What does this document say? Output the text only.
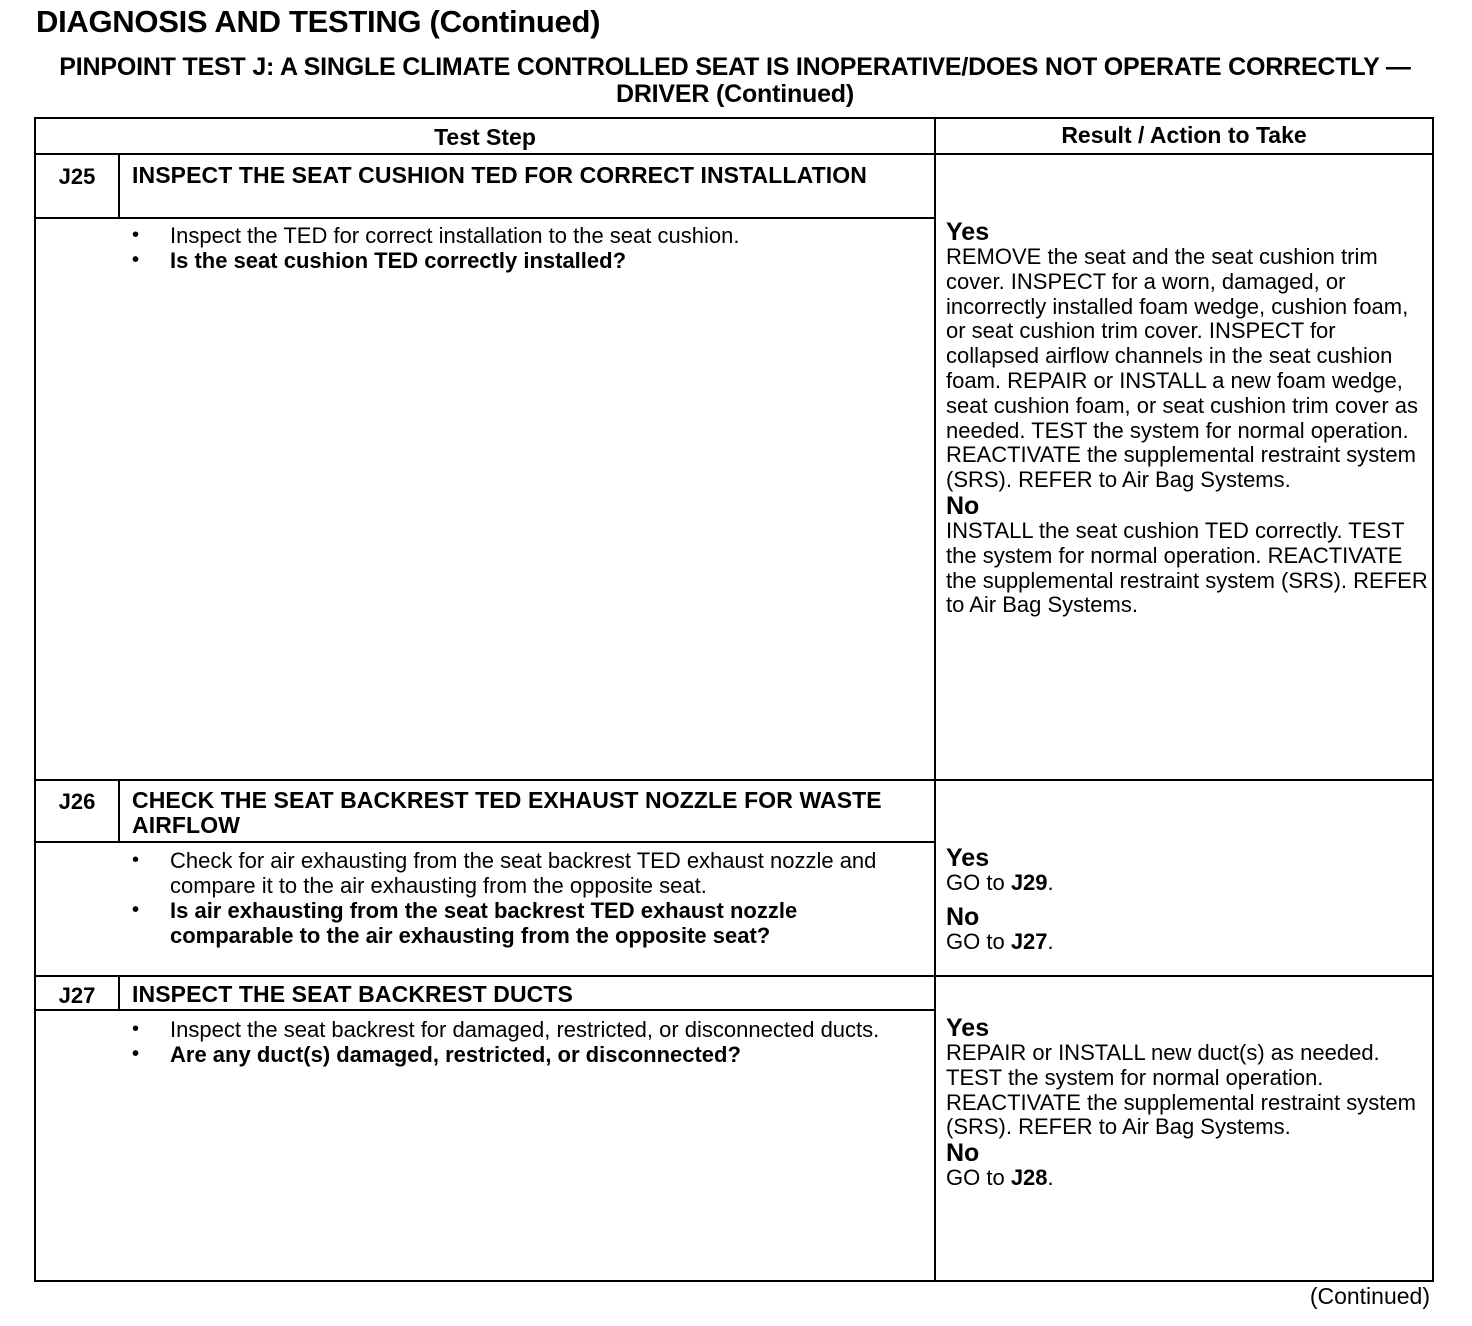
DIAGNOSIS AND TESTING (Continued)
PINPOINT TEST J: A SINGLE CLIMATE CONTROLLED SEAT IS INOPERATIVE/DOES NOT OPERATE CORRECTLY — DRIVER (Continued)
Test Step	Result / Action to Take
J25	INSPECT THE SEAT CUSHION TED FOR CORRECT INSTALLATION
• Inspect the TED for correct installation to the seat cushion.
• Is the seat cushion TED correctly installed?
Yes
REMOVE the seat and the seat cushion trim cover. INSPECT for a worn, damaged, or incorrectly installed foam wedge, cushion foam, or seat cushion trim cover. INSPECT for collapsed airflow channels in the seat cushion foam. REPAIR or INSTALL a new foam wedge, seat cushion foam, or seat cushion trim cover as needed. TEST the system for normal operation. REACTIVATE the supplemental restraint system (SRS). REFER to Air Bag Systems.
No
INSTALL the seat cushion TED correctly. TEST the system for normal operation. REACTIVATE the supplemental restraint system (SRS). REFER to Air Bag Systems.
J26	CHECK THE SEAT BACKREST TED EXHAUST NOZZLE FOR WASTE AIRFLOW
• Check for air exhausting from the seat backrest TED exhaust nozzle and compare it to the air exhausting from the opposite seat.
• Is air exhausting from the seat backrest TED exhaust nozzle comparable to the air exhausting from the opposite seat?
Yes
GO to J29.
No
GO to J27.
J27	INSPECT THE SEAT BACKREST DUCTS
• Inspect the seat backrest for damaged, restricted, or disconnected ducts.
• Are any duct(s) damaged, restricted, or disconnected?
Yes
REPAIR or INSTALL new duct(s) as needed. TEST the system for normal operation. REACTIVATE the supplemental restraint system (SRS). REFER to Air Bag Systems.
No
GO to J28.
(Continued)
